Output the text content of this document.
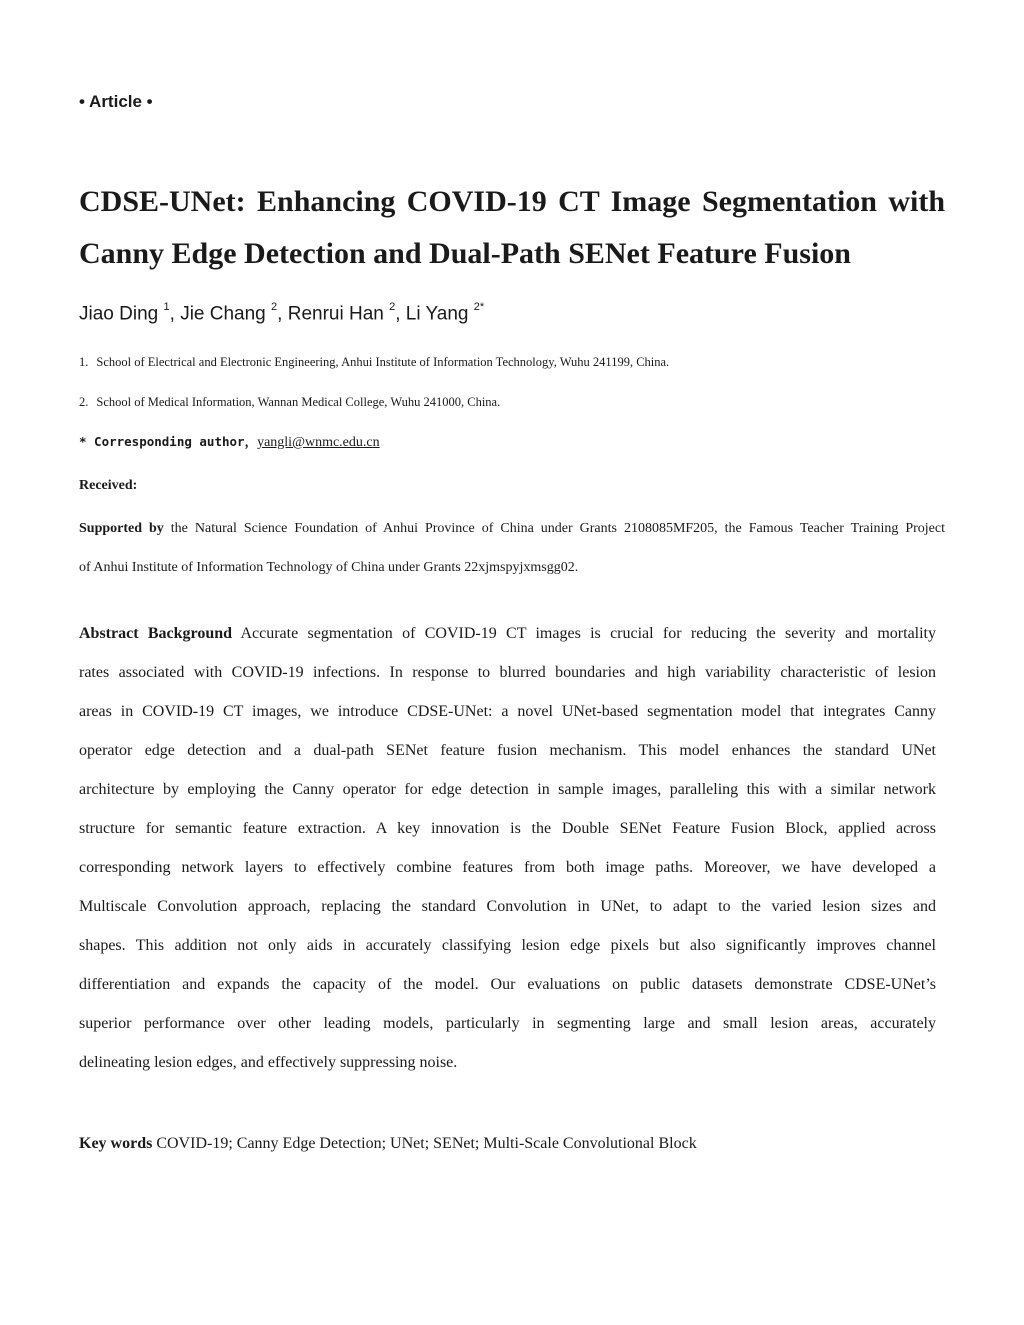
• Article •
CDSE-UNet: Enhancing COVID-19 CT Image Segmentation with
Canny Edge Detection and Dual-Path SENet Feature Fusion
Jiao Ding $^1$, Jie Chang $^2$, Renrui Han $^2$, Li Yang $^{2*}$
1. School of Electrical and Electronic Engineering, Anhui Institute of Information Technology, Wuhu 241199, China.
2. School of Medical Information, Wannan Medical College, Wuhu 241000, China.
* Corresponding author，yangli@wnmc.edu.cn
Received:
Supported by the Natural Science Foundation of Anhui Province of China under Grants 2108085MF205, the Famous Teacher Training Project
of Anhui Institute of Information Technology of China under Grants 22xjmspyjxmsgg02.
Abstract Background Accurate segmentation of COVID-19 CT images is crucial for reducing the severity and mortality
rates associated with COVID-19 infections. In response to blurred boundaries and high variability characteristic of lesion
areas in COVID-19 CT images, we introduce CDSE-UNet: a novel UNet-based segmentation model that integrates Canny
operator edge detection and a dual-path SENet feature fusion mechanism. This model enhances the standard UNet
architecture by employing the Canny operator for edge detection in sample images, paralleling this with a similar network
structure for semantic feature extraction. A key innovation is the Double SENet Feature Fusion Block, applied across
corresponding network layers to effectively combine features from both image paths. Moreover, we have developed a
Multiscale Convolution approach, replacing the standard Convolution in UNet, to adapt to the varied lesion sizes and
shapes. This addition not only aids in accurately classifying lesion edge pixels but also significantly improves channel
differentiation and expands the capacity of the model. Our evaluations on public datasets demonstrate CDSE-UNet’s
superior performance over other leading models, particularly in segmenting large and small lesion areas, accurately
delineating lesion edges, and effectively suppressing noise.
Key words COVID-19; Canny Edge Detection; UNet; SENet; Multi-Scale Convolutional Block
